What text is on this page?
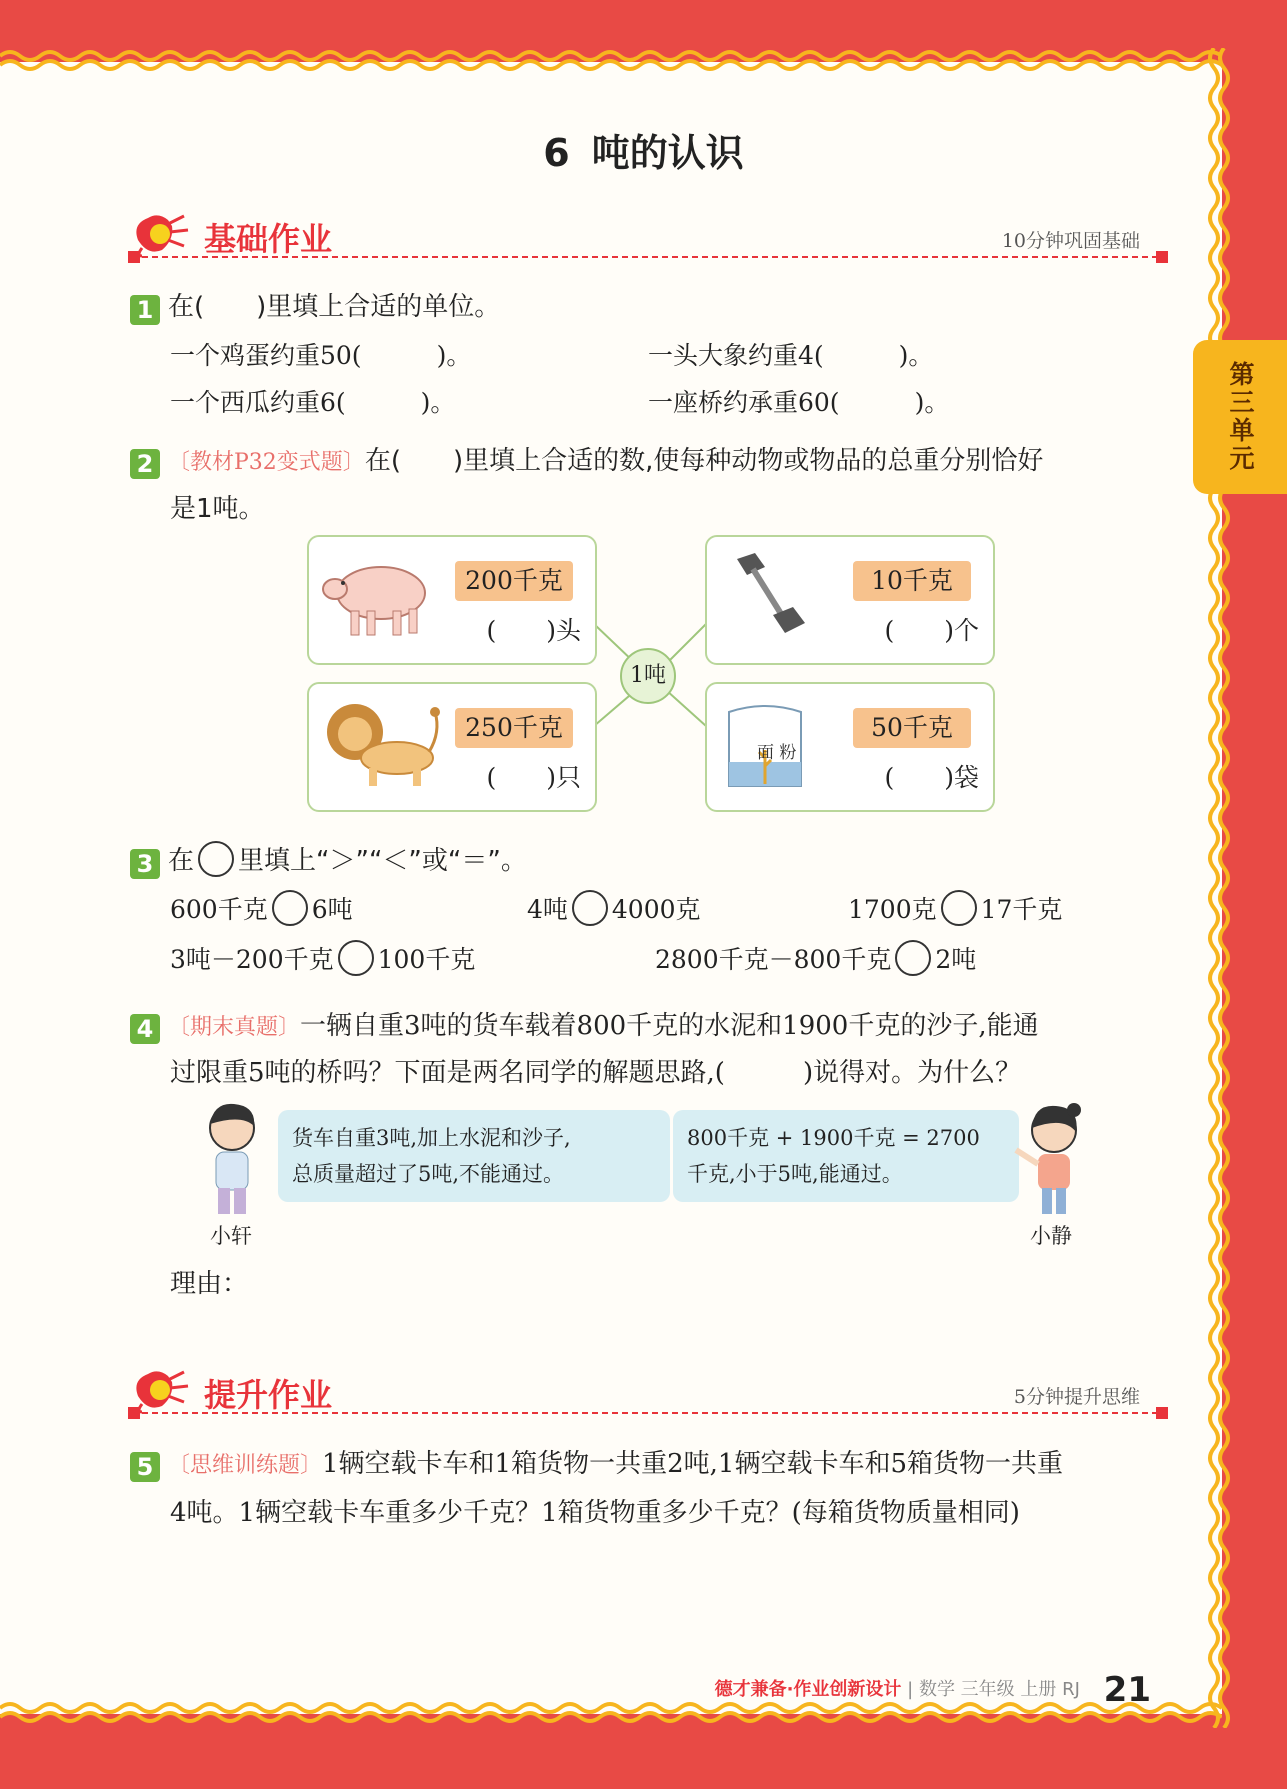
第三单元
6 吨的认识
基础作业	10分钟巩固基础
1 在(　　)里填上合适的单位。
一个鸡蛋约重50(　　　)。	一头大象约重4(　　　)。
一个西瓜约重6(　　　)。	一座桥约承重60(　　　)。
2 〔教材P32变式题〕在(　　)里填上合适的数,使每种动物或物品的总重分别恰好
是1吨。
200千克
(　　)头
10千克
(　　)个
250千克
(　　)只
面 粉
50千克
(　　)袋
1吨
3 在 里填上“＞”“＜”或“＝”。
600千克 6吨	4吨 4000克	1700克 17千克
3吨－200千克 100千克	2800千克－800千克 2吨
4 〔期末真题〕一辆自重3吨的货车载着800千克的水泥和1900千克的沙子,能通
过限重5吨的桥吗？下面是两名同学的解题思路,(　　　)说得对。为什么？
货车自重3吨,加上水泥和沙子,
总质量超过了5吨,不能通过。
小轩
800千克 + 1900千克 = 2700
千克,小于5吨,能通过。
小静
理由：
提升作业	5分钟提升思维
5 〔思维训练题〕1辆空载卡车和1箱货物一共重2吨,1辆空载卡车和5箱货物一共重
4吨。1辆空载卡车重多少千克？1箱货物重多少千克？(每箱货物质量相同)
德才兼备·作业创新设计 | 数学 三年级 上册 RJ 21
